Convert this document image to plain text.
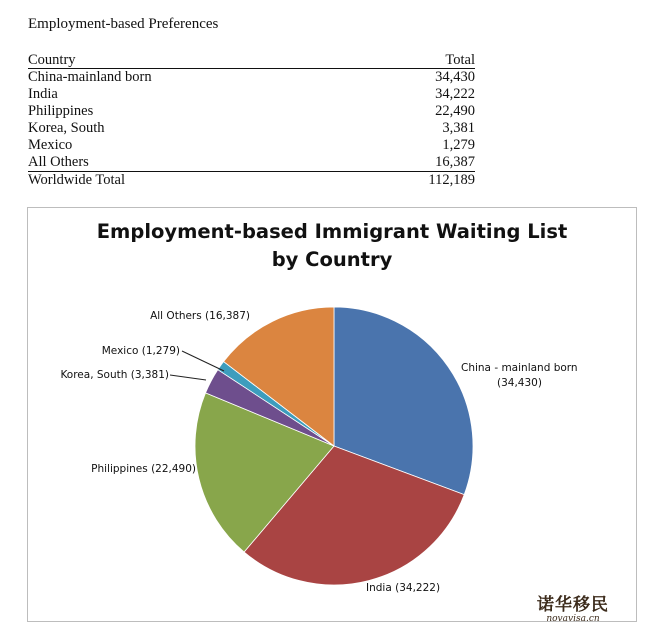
Employment-based Preferences
Country	Total
China-mainland born	34,430
India	34,222
Philippines	22,490
Korea, South	3,381
Mexico	1,279
All Others	16,387
Worldwide Total	112,189
Employment-based Immigrant Waiting List
by Country
China - mainland born (34,430)
India (34,222)
Philippines (22,490)
Korea, South (3,381)
Mexico (1,279)
All Others (16,387)
诺华移民
novavisa.cn
